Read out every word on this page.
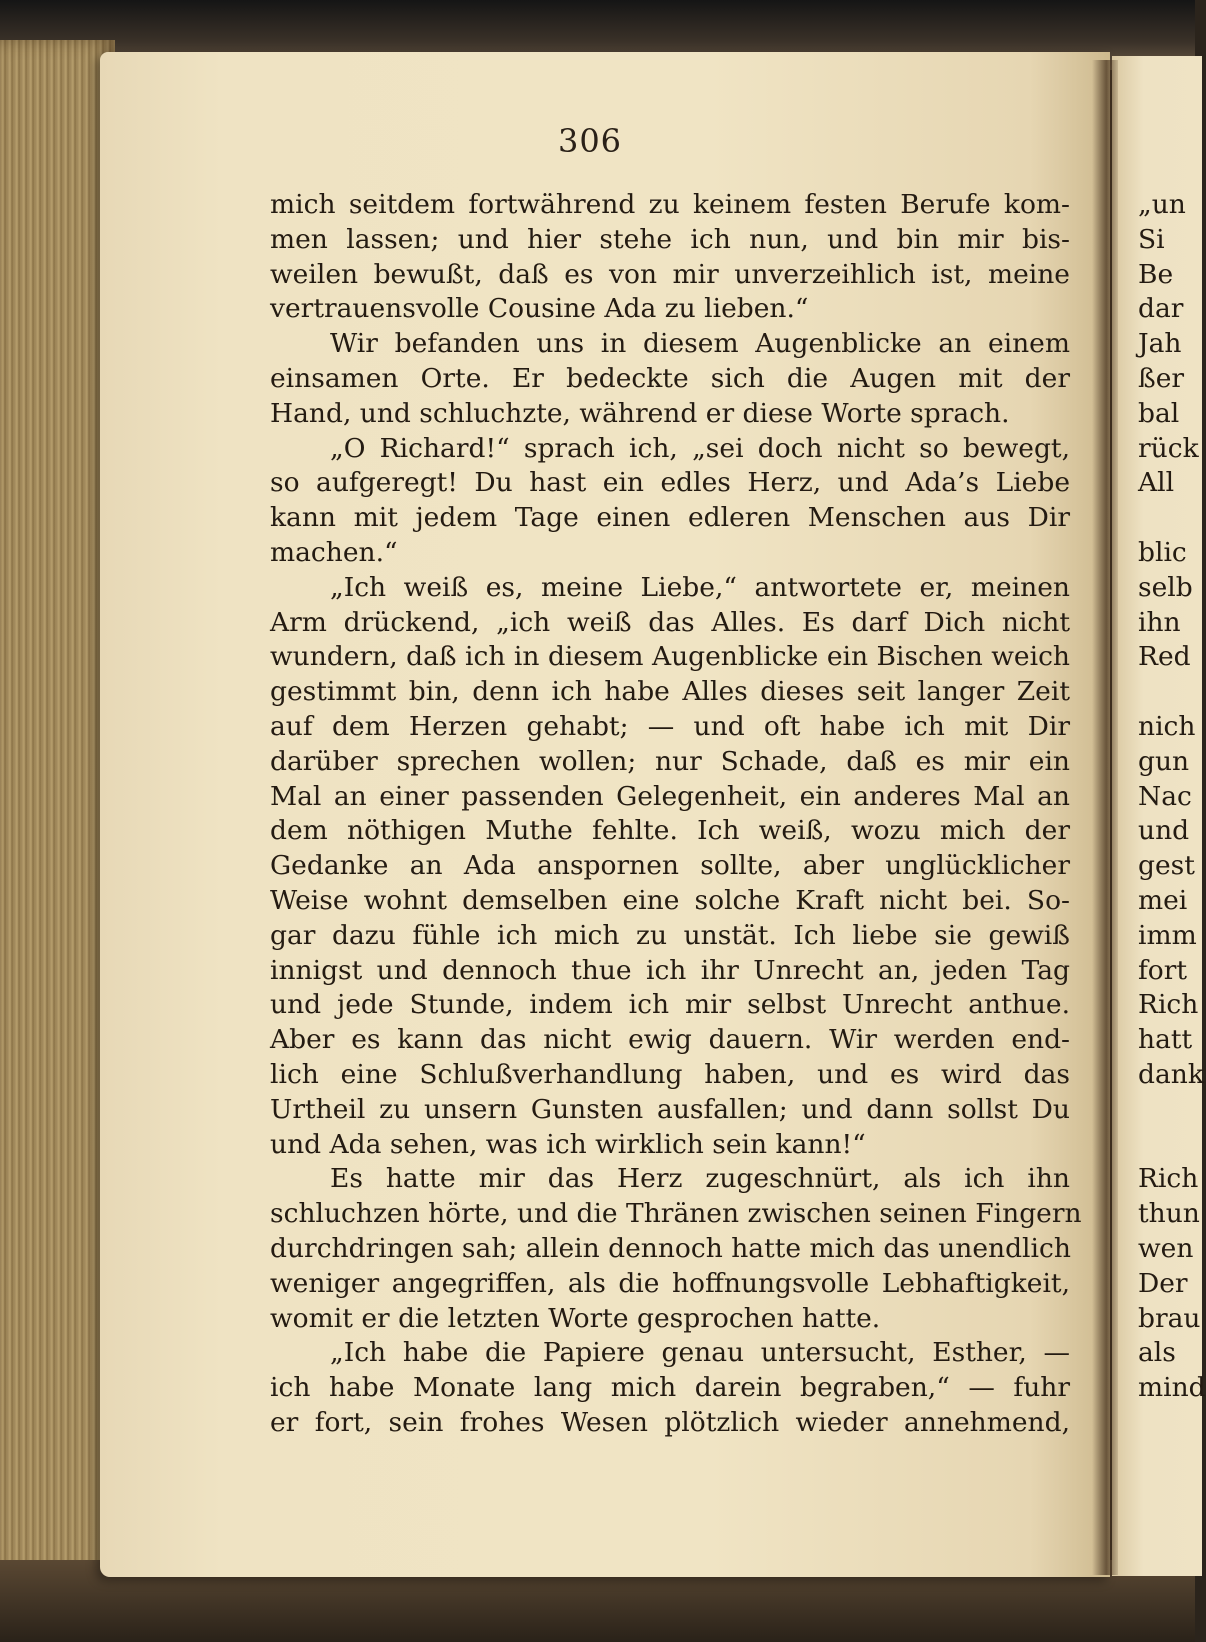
306
mich seitdem fortwährend zu keinem festen Berufe kom-
men lassen; und hier stehe ich nun, und bin mir bis-
weilen bewußt, daß es von mir unverzeihlich ist, meine
vertrauensvolle Cousine Ada zu lieben.“
Wir befanden uns in diesem Augenblicke an einem
einsamen Orte. Er bedeckte sich die Augen mit der
Hand, und schluchzte, während er diese Worte sprach.
„O Richard!“ sprach ich, „sei doch nicht so bewegt,
so aufgeregt! Du hast ein edles Herz, und Ada’s Liebe
kann mit jedem Tage einen edleren Menschen aus Dir
machen.“
„Ich weiß es, meine Liebe,“ antwortete er, meinen
Arm drückend, „ich weiß das Alles. Es darf Dich nicht
wundern, daß ich in diesem Augenblicke ein Bischen weich
gestimmt bin, denn ich habe Alles dieses seit langer Zeit
auf dem Herzen gehabt; — und oft habe ich mit Dir
darüber sprechen wollen; nur Schade, daß es mir ein
Mal an einer passenden Gelegenheit, ein anderes Mal an
dem nöthigen Muthe fehlte. Ich weiß, wozu mich der
Gedanke an Ada anspornen sollte, aber unglücklicher
Weise wohnt demselben eine solche Kraft nicht bei. So-
gar dazu fühle ich mich zu unstät. Ich liebe sie gewiß
innigst und dennoch thue ich ihr Unrecht an, jeden Tag
und jede Stunde, indem ich mir selbst Unrecht anthue.
Aber es kann das nicht ewig dauern. Wir werden end-
lich eine Schlußverhandlung haben, und es wird das
Urtheil zu unsern Gunsten ausfallen; und dann sollst Du
und Ada sehen, was ich wirklich sein kann!“
Es hatte mir das Herz zugeschnürt, als ich ihn
schluchzen hörte, und die Thränen zwischen seinen Fingern
durchdringen sah; allein dennoch hatte mich das unendlich
weniger angegriffen, als die hoffnungsvolle Lebhaftigkeit,
womit er die letzten Worte gesprochen hatte.
„Ich habe die Papiere genau untersucht, Esther, —
ich habe Monate lang mich darein begraben,“ — fuhr
er fort, sein frohes Wesen plötzlich wieder annehmend,
„un
Si
Be
dar
Jah
ßer
bal
rück
All
blic
selb
ihn
Red
nich
gun
Nac
und
gest
mei
imm
fort
Rich
hatt
dank
Rich
thun
wen
Der
brau
als
mind
